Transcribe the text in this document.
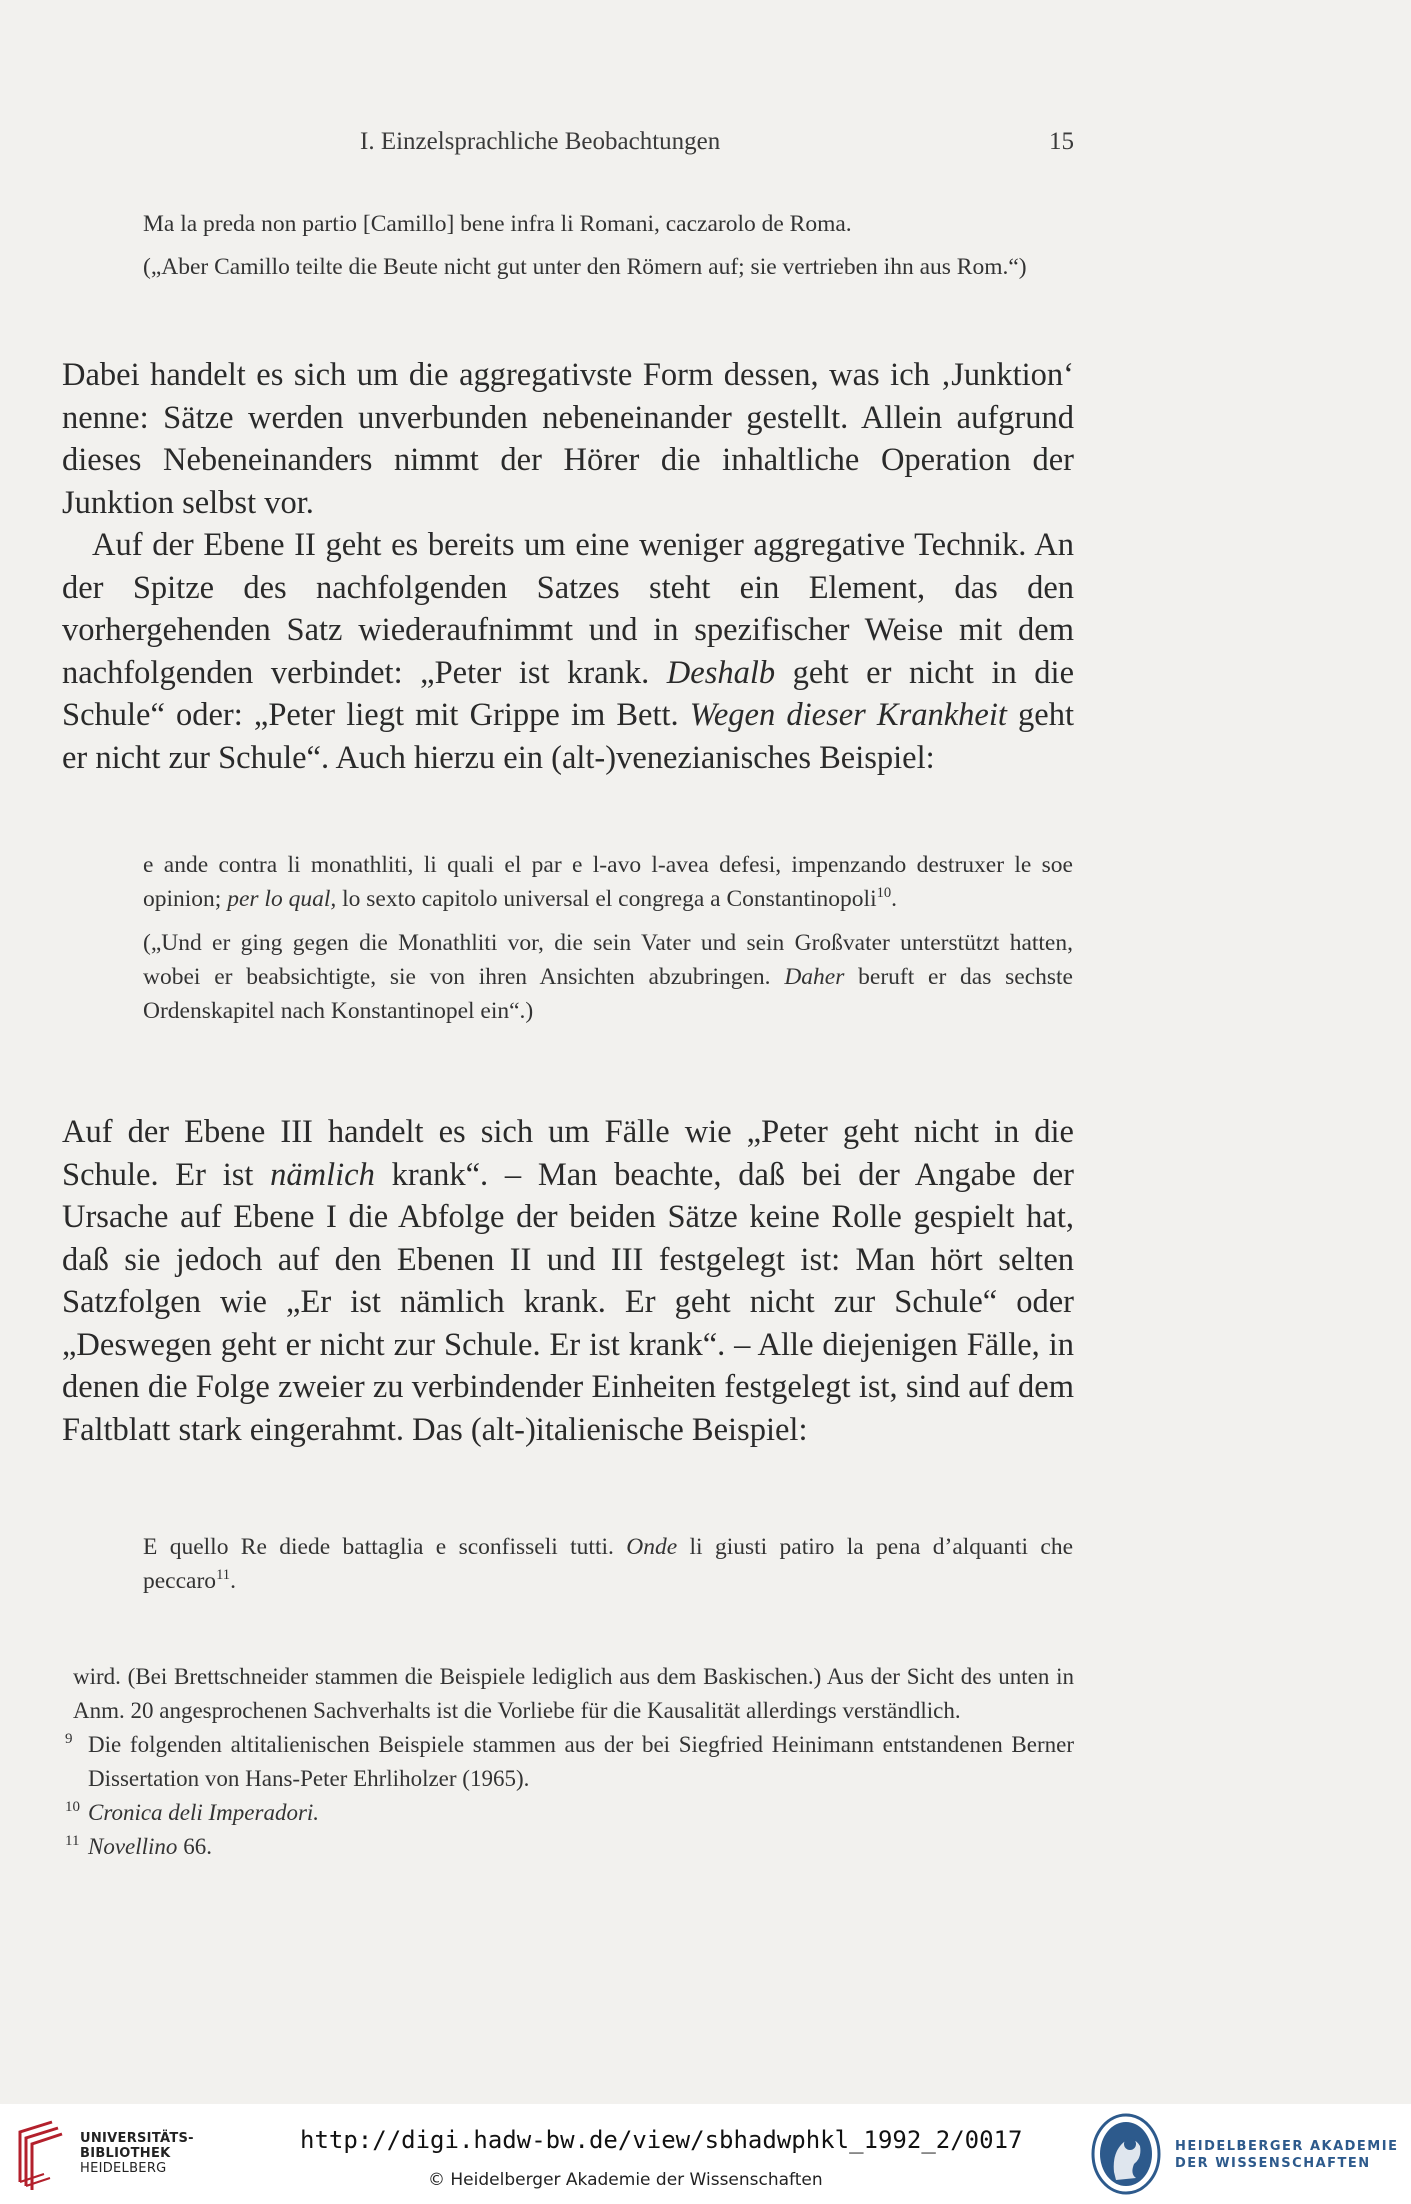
I. Einzelsprachliche Beobachtungen	15
Ma la preda non partio [Camillo] bene infra li Romani, caczarolo de Roma.
(„Aber Camillo teilte die Beute nicht gut unter den Römern auf; sie vertrieben ihn aus Rom.“)

Dabei handelt es sich um die aggregativste Form dessen, was ich ‚Junktion‘ nenne: Sätze werden unverbunden nebeneinander gestellt. Allein aufgrund dieses Nebeneinanders nimmt der Hörer die inhaltliche Operation der Junktion selbst vor.

Auf der Ebene II geht es bereits um eine weniger aggregative Technik. An der Spitze des nachfolgenden Satzes steht ein Element, das den vorhergehenden Satz wiederaufnimmt und in spezifischer Weise mit dem nachfolgenden verbindet: „Peter ist krank. Deshalb geht er nicht in die Schule“ oder: „Peter liegt mit Grippe im Bett. Wegen dieser Krankheit geht er nicht zur Schule“. Auch hierzu ein (alt-)venezianisches Beispiel:

e ande contra li monathliti, li quali el par e l-avo l-avea defesi, impenzando destruxer le soe opinion; per lo qual, lo sexto capitolo universal el congrega a Constantinopoli$^{10}$.
(„Und er ging gegen die Monathliti vor, die sein Vater und sein Großvater unterstützt hatten, wobei er beabsichtigte, sie von ihren Ansichten abzubringen. Daher beruft er das sechste Ordenskapitel nach Konstantinopel ein“.)

Auf der Ebene III handelt es sich um Fälle wie „Peter geht nicht in die Schule. Er ist nämlich krank“. – Man beachte, daß bei der Angabe der Ursache auf Ebene I die Abfolge der beiden Sätze keine Rolle gespielt hat, daß sie jedoch auf den Ebenen II und III festgelegt ist: Man hört selten Satzfolgen wie „Er ist nämlich krank. Er geht nicht zur Schule“ oder „Deswegen geht er nicht zur Schule. Er ist krank“. – Alle diejenigen Fälle, in denen die Folge zweier zu verbindender Einheiten festgelegt ist, sind auf dem Faltblatt stark eingerahmt. Das (alt-)italienische Beispiel:

E quello Re diede battaglia e sconfisseli tutti. Onde li giusti patiro la pena d’alquanti che peccaro$^{11}$.
wird. (Bei Brettschneider stammen die Beispiele lediglich aus dem Baskischen.) Aus der Sicht des unten in Anm. 20 angesprochenen Sachverhalts ist die Vorliebe für die Kausalität allerdings verständlich.
9 Die folgenden altitalienischen Beispiele stammen aus der bei Siegfried Heinimann entstandenen Berner Dissertation von Hans-Peter Ehrliholzer (1965).
10 Cronica deli Imperadori.
11 Novellino 66.
UNIVERSITÄTS-
BIBLIOTHEK
HEIDELBERG
http://digi.hadw-bw.de/view/sbhadwphkl_1992_2/0017
© Heidelberger Akademie der Wissenschaften
HEIDELBERGER AKADEMIE
DER WISSENSCHAFTEN
